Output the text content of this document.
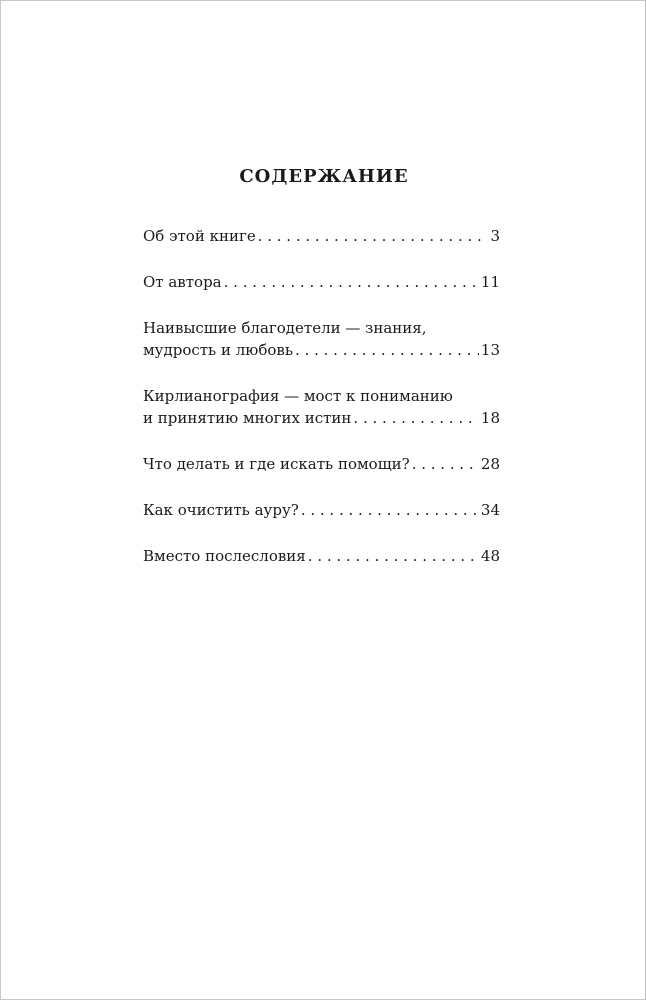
СОДЕРЖАНИЕ
Об этой книге . . .	3
От автора . . .	11
Наивысшие благодетели — знания,
мудрость и любовь . . .	13
Кирлианография — мост к пониманию
и принятию многих истин . . .	18
Что делать и где искать помощи? . . .	28
Как очистить ауру? . . .	34
Вместо послесловия . . .	48
